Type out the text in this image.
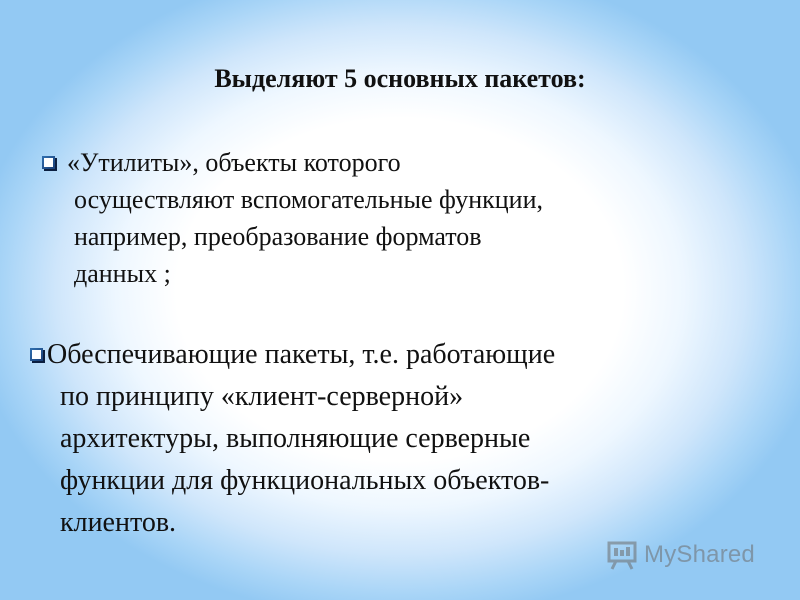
Выделяют 5 основных пакетов:
«Утилиты», объекты которого
осуществляют вспомогательные функции,
например, преобразование форматов
данных ;
Обеспечивающие пакеты, т.е. работающие
по принципу «клиент-серверной»
архитектуры, выполняющие серверные
функции для функциональных объектов-
клиентов.
MyShared
